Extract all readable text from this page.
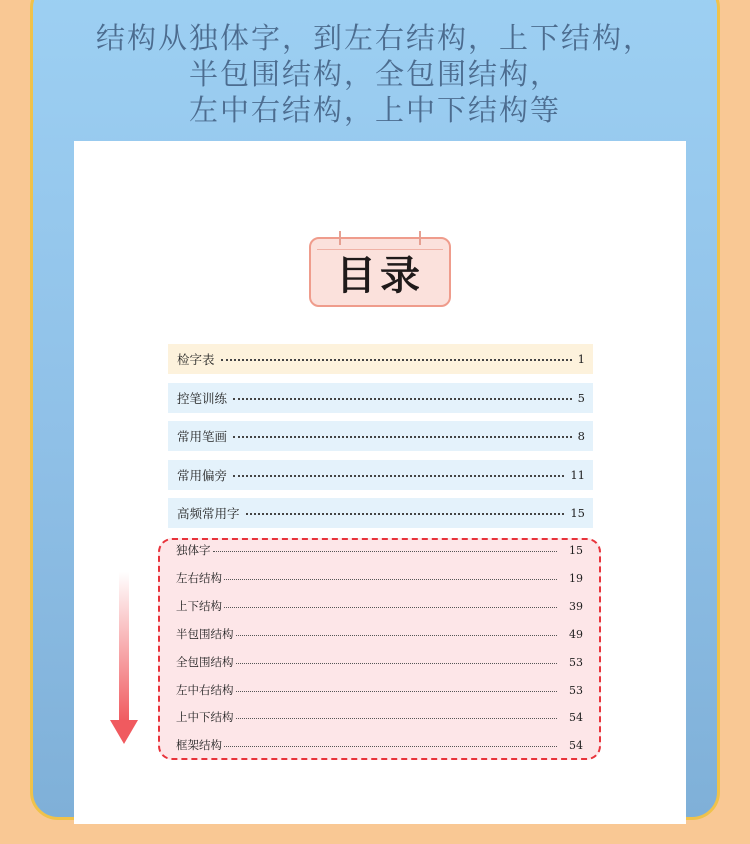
结构从独体字，到左右结构，上下结构，
半包围结构，全包围结构，
左中右结构，上中下结构等
目录
检字表	1
控笔训练	5
常用笔画	8
常用偏旁	11
高频常用字	15
独体字	15
左右结构	19
上下结构	39
半包围结构	49
全包围结构	53
左中右结构	53
上中下结构	54
框架结构	54
